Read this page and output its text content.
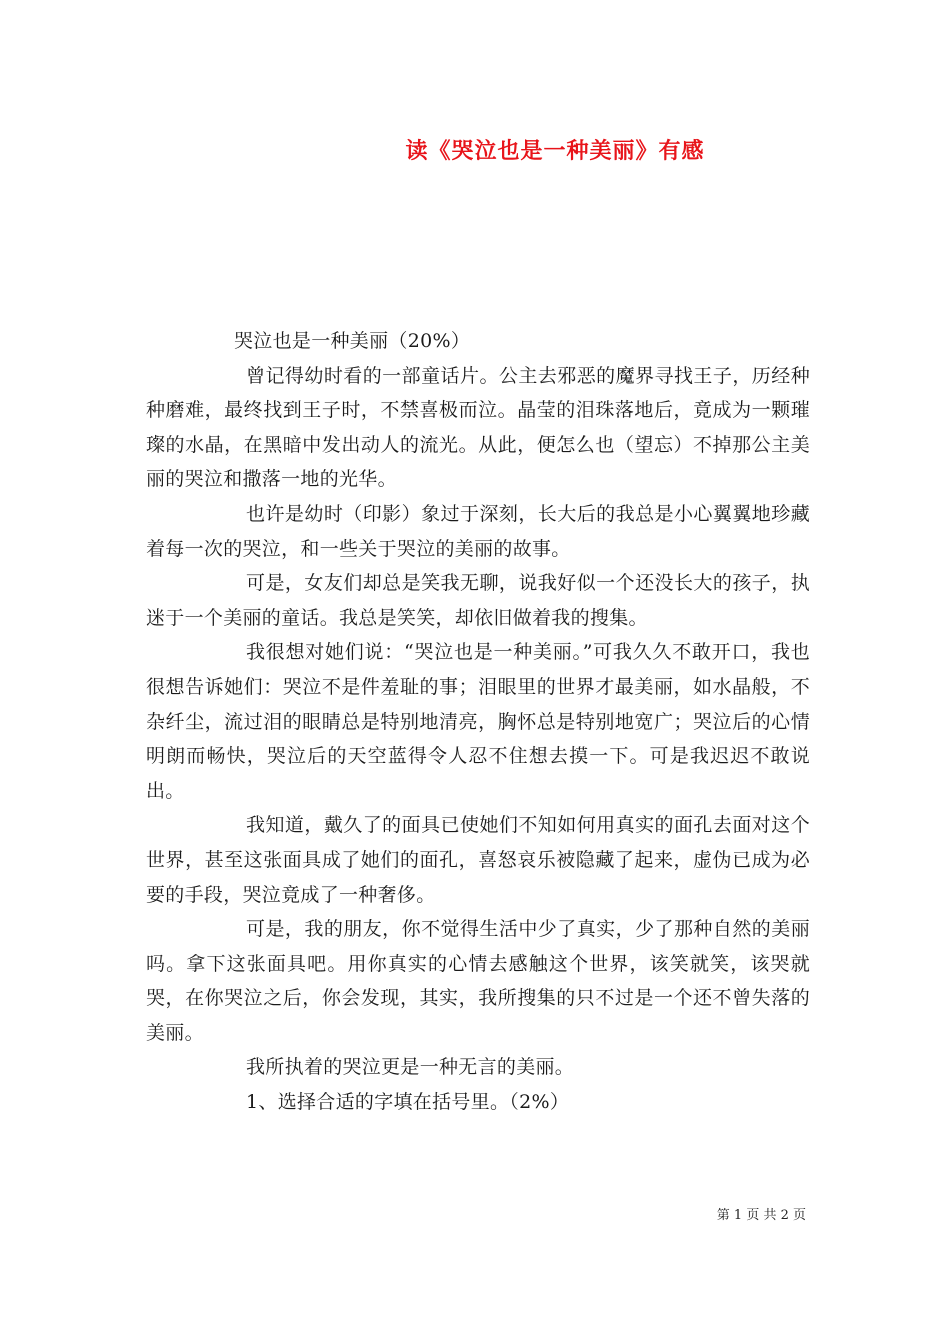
读《哭泣也是一种美丽》有感

哭泣也是一种美丽（20%）

曾记得幼时看的一部童话片。公主去邪恶的魔界寻找王子，历经种种磨难，最终找到王子时，不禁喜极而泣。晶莹的泪珠落地后，竟成为一颗璀璨的水晶，在黑暗中发出动人的流光。从此，便怎么也（望忘）不掉那公主美丽的哭泣和撒落一地的光华。

也许是幼时（印影）象过于深刻，长大后的我总是小心翼翼地珍藏着每一次的哭泣，和一些关于哭泣的美丽的故事。

可是，女友们却总是笑我无聊，说我好似一个还没长大的孩子，执迷于一个美丽的童话。我总是笑笑，却依旧做着我的搜集。

我很想对她们说：“哭泣也是一种美丽。”可我久久不敢开口，我也很想告诉她们：哭泣不是件羞耻的事；泪眼里的世界才最美丽，如水晶般，不杂纤尘，流过泪的眼睛总是特别地清亮，胸怀总是特别地宽广；哭泣后的心情明朗而畅快，哭泣后的天空蓝得令人忍不住想去摸一下。可是我迟迟不敢说出。

我知道，戴久了的面具已使她们不知如何用真实的面孔去面对这个世界，甚至这张面具成了她们的面孔，喜怒哀乐被隐藏了起来，虚伪已成为必要的手段，哭泣竟成了一种奢侈。

可是，我的朋友，你不觉得生活中少了真实，少了那种自然的美丽吗。拿下这张面具吧。用你真实的心情去感触这个世界，该笑就笑，该哭就哭，在你哭泣之后，你会发现，其实，我所搜集的只不过是一个还不曾失落的美丽。

我所执着的哭泣更是一种无言的美丽。

1、选择合适的字填在括号里。（2%）

第 1 页 共 2 页
